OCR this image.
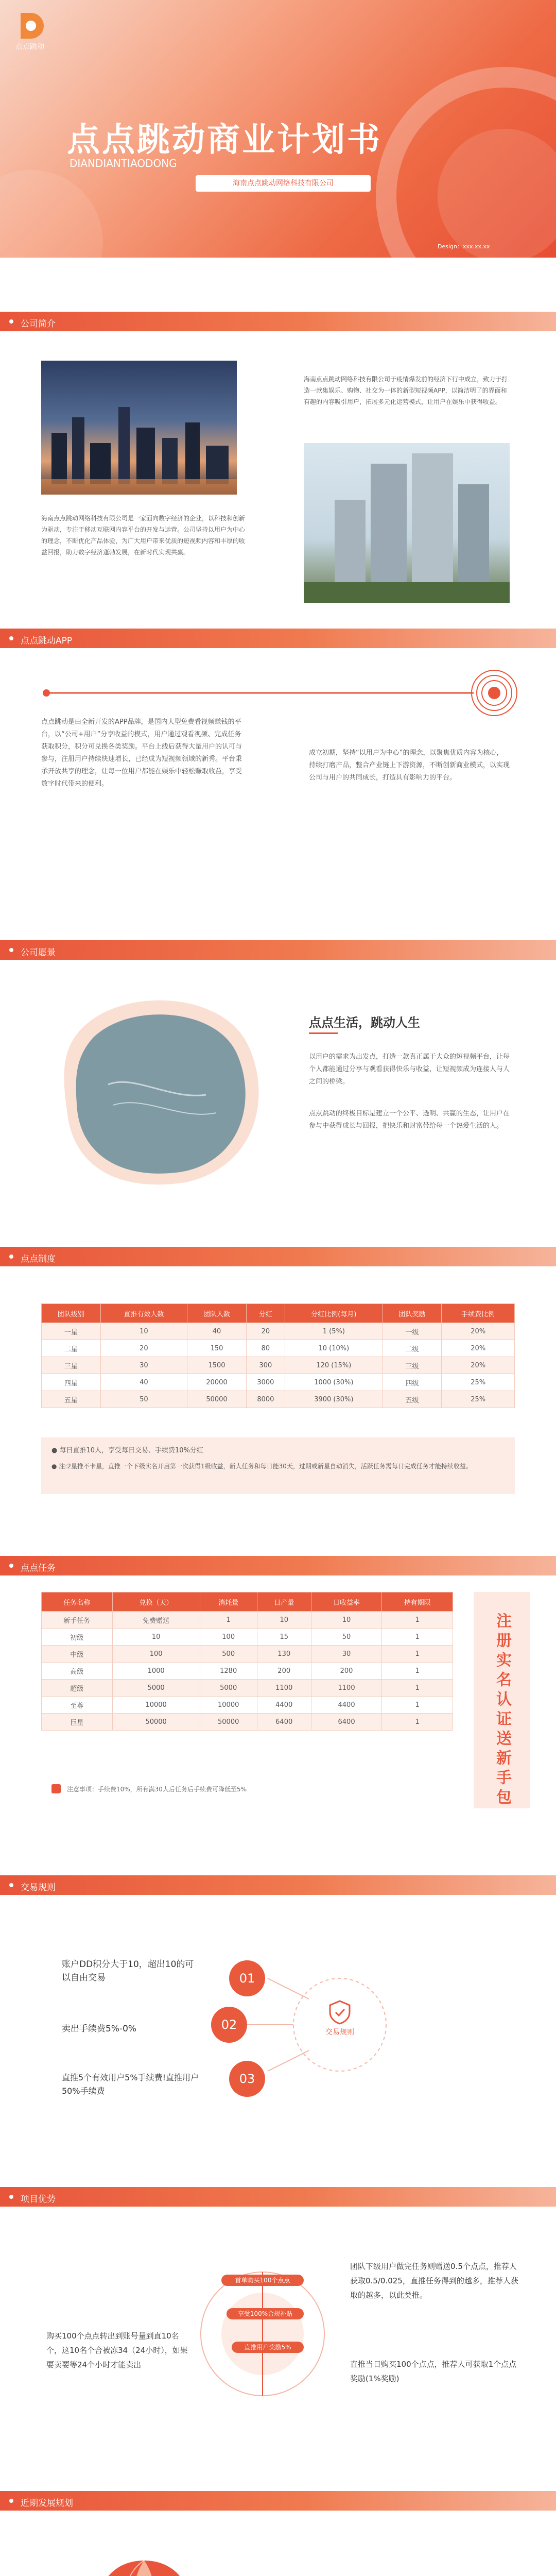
点点跳动
点点跳动商业计划书
DIANDIANTIAODONG
海南点点跳动网络科技有限公司
Design：xxx.xx.xx
公司简介
海南点点跳动网络科技有限公司于疫情爆发前的经济下行中成立，致力于打造一款集娱乐、购物、社交为一体的新型短视频APP，以简洁明了的界面和有趣的内容吸引用户，拓展多元化运营模式，让用户在娱乐中获得收益。
海南点点跳动网络科技有限公司是一家面向数字经济的企业，以科技和创新为驱动，专注于移动互联网内容平台的开发与运营。公司坚持以用户为中心的理念，不断优化产品体验，为广大用户带来优质的短视频内容和丰厚的收益回报，助力数字经济蓬勃发展，在新时代实现共赢。
点点跳动APP
点点跳动是由全新开发的APP品牌，是国内大型免费看视频赚钱的平台，以“公司+用户”分享收益的模式，用户通过观看视频、完成任务获取积分，积分可兑换各类奖励。平台上线后获得大量用户的认可与参与，注册用户持续快速增长，已经成为短视频领域的新秀。平台秉承开放共享的理念，让每一位用户都能在娱乐中轻松赚取收益，享受数字时代带来的便利。
成立初期，坚持“以用户为中心”的理念，以聚焦优质内容为核心，持续打磨产品，整合产业链上下游资源，不断创新商业模式，以实现公司与用户的共同成长，打造具有影响力的平台。
公司愿景
点点生活，跳动人生
以用户的需求为出发点，打造一款真正属于大众的短视频平台，让每个人都能通过分享与观看获得快乐与收益，让短视频成为连接人与人之间的桥梁。
点点跳动的终极目标是建立一个公平、透明、共赢的生态，让用户在参与中获得成长与回报，把快乐和财富带给每一个热爱生活的人。
点点制度
团队级别	直推有效人数	团队人数	分红	分红比例(每月)	团队奖励	手续费比例
一星	10	40	20	1 (5%)	一级	20%
二星	20	150	80	10 (10%)	二级	20%
三星	30	1500	300	120 (15%)	三级	20%
四星	40	20000	3000	1000 (30%)	四级	25%
五星	50	50000	8000	3900 (30%)	五级	25%
● 每日直推10人，享受每日交易、手续费10%分红
● 注:2星推不卡星，直推一个下级实名开启第一次获得1级收益，新人任务和每日能30天，过期或新星自动消失，活跃任务需每日完成任务才能持续收益。
点点任务
任务名称	兑换（天）	消耗量	日产量	日收益率	持有期限
新手任务	免费赠送	1	10	10	1
初级	10	100	15	50	1
中级	100	500	130	30	1
高级	1000	1280	200	200	1
超级	5000	5000	1100	1100	1
至尊	10000	10000	4400	4400	1
巨星	50000	50000	6400	6400	1	注册实名认证送新手包
注意事项：手续费10%，所有满30人后任务后手续费可降低至5%
交易规则
账户DD积分大于10，超出10的可以自由交易
卖出手续费5%-0%
直推5个有效用户5%手续费!直推用户50%手续费
01
02
03
交易规则
项目优势
首单购买100个点点
享受100%合规补贴
直推用户奖励5%
购买100个点点转出到账号量到直10名个，这10名个合被冻34（24小时），如果要卖要等24个小时才能卖出
团队下级用户做完任务则赠送0.5个点点，推荐人获取0.5/0.025，直推任务得到的越多，推荐人获取的越多，以此类推。
直推当日购买100个点点，推荐人可获取1个点点奖励(1%奖励)
近期发展规划
